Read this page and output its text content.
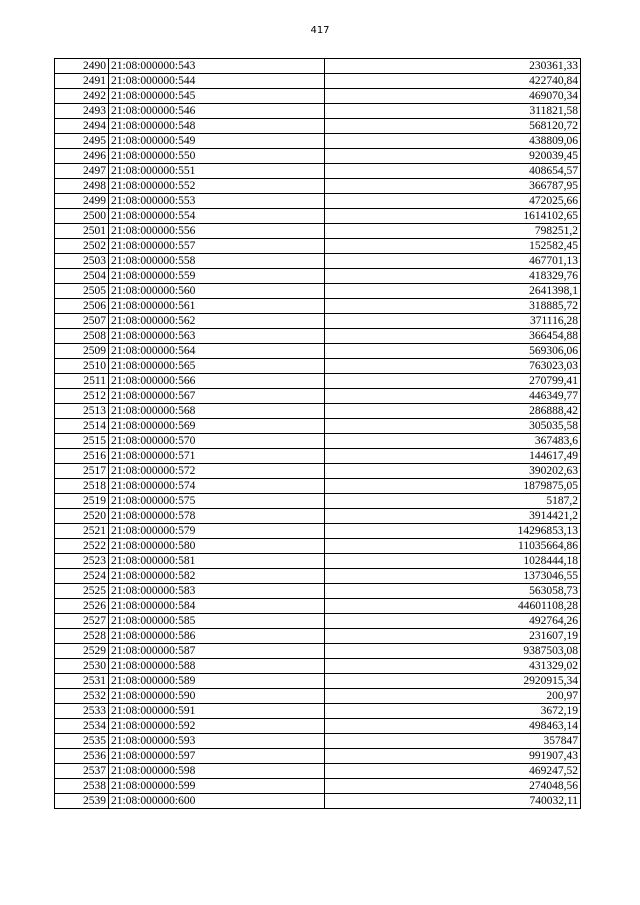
417
2490	21:08:000000:543	230361,33
2491	21:08:000000:544	422740,84
2492	21:08:000000:545	469070,34
2493	21:08:000000:546	311821,58
2494	21:08:000000:548	568120,72
2495	21:08:000000:549	438809,06
2496	21:08:000000:550	920039,45
2497	21:08:000000:551	408654,57
2498	21:08:000000:552	366787,95
2499	21:08:000000:553	472025,66
2500	21:08:000000:554	1614102,65
2501	21:08:000000:556	798251,2
2502	21:08:000000:557	152582,45
2503	21:08:000000:558	467701,13
2504	21:08:000000:559	418329,76
2505	21:08:000000:560	2641398,1
2506	21:08:000000:561	318885,72
2507	21:08:000000:562	371116,28
2508	21:08:000000:563	366454,88
2509	21:08:000000:564	569306,06
2510	21:08:000000:565	763023,03
2511	21:08:000000:566	270799,41
2512	21:08:000000:567	446349,77
2513	21:08:000000:568	286888,42
2514	21:08:000000:569	305035,58
2515	21:08:000000:570	367483,6
2516	21:08:000000:571	144617,49
2517	21:08:000000:572	390202,63
2518	21:08:000000:574	1879875,05
2519	21:08:000000:575	5187,2
2520	21:08:000000:578	3914421,2
2521	21:08:000000:579	14296853,13
2522	21:08:000000:580	11035664,86
2523	21:08:000000:581	1028444,18
2524	21:08:000000:582	1373046,55
2525	21:08:000000:583	563058,73
2526	21:08:000000:584	44601108,28
2527	21:08:000000:585	492764,26
2528	21:08:000000:586	231607,19
2529	21:08:000000:587	9387503,08
2530	21:08:000000:588	431329,02
2531	21:08:000000:589	2920915,34
2532	21:08:000000:590	200,97
2533	21:08:000000:591	3672,19
2534	21:08:000000:592	498463,14
2535	21:08:000000:593	357847
2536	21:08:000000:597	991907,43
2537	21:08:000000:598	469247,52
2538	21:08:000000:599	274048,56
2539	21:08:000000:600	740032,11
